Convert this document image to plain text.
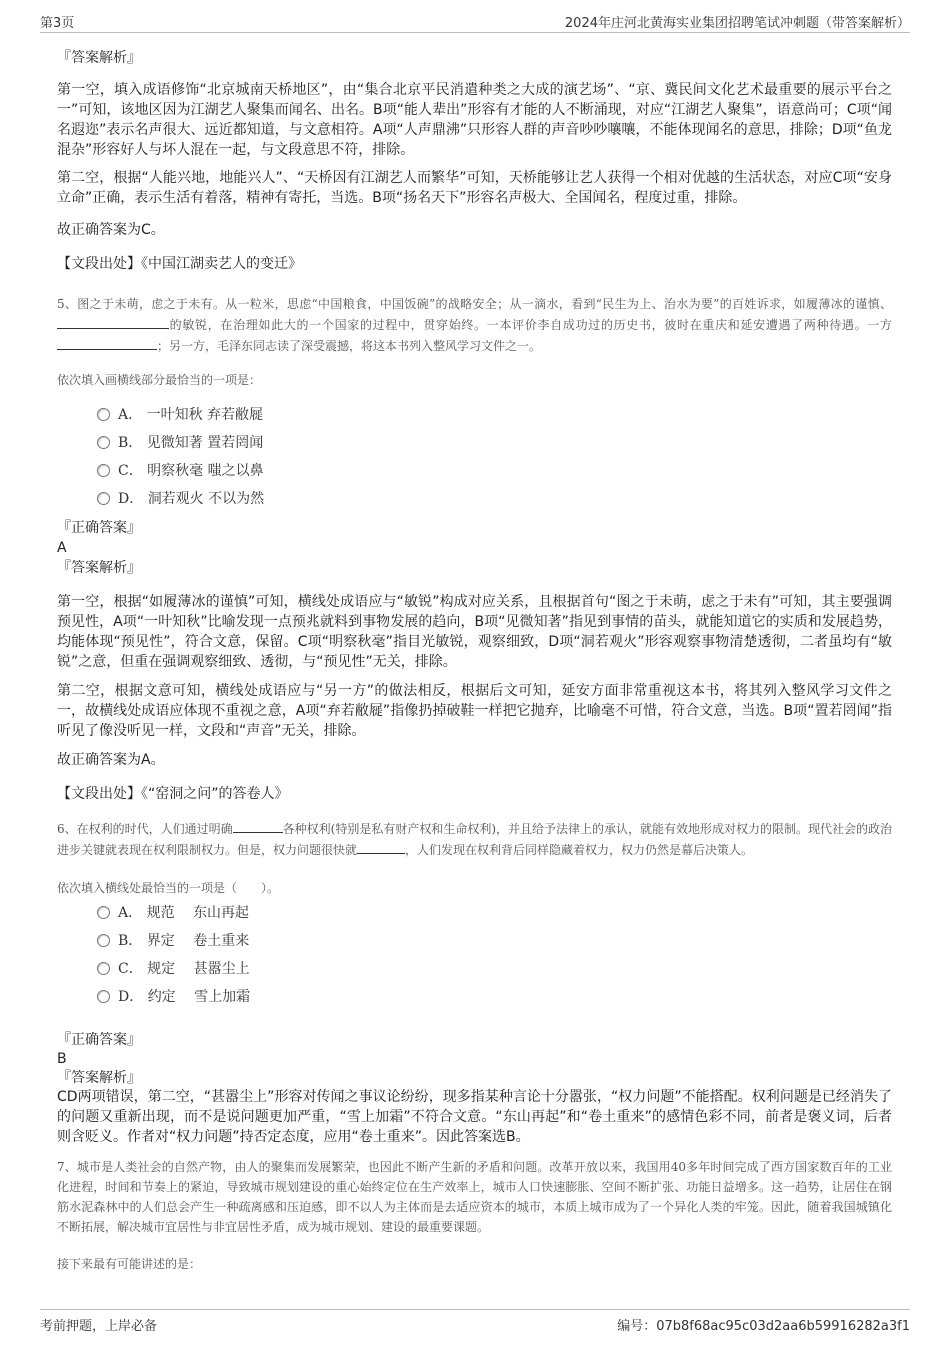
第3页	2024年庄河北黄海实业集团招聘笔试冲刺题（带答案解析）

『答案解析』

第一空，填入成语修饰“北京城南天桥地区”，由“集合北京平民消遣种类之大成的演艺场”、“京、冀民间文化艺术最重要的展示平台之一”可知，该地区因为江湖艺人聚集而闻名、出名。B项“能人辈出”形容有才能的人不断涌现，对应“江湖艺人聚集”，语意尚可；C项“闻名遐迩”表示名声很大、远近都知道，与文意相符。A项“人声鼎沸”只形容人群的声音吵吵嚷嚷，不能体现闻名的意思，排除；D项“鱼龙混杂”形容好人与坏人混在一起，与文段意思不符，排除。

第二空，根据“人能兴地，地能兴人”、“天桥因有江湖艺人而繁华”可知，天桥能够让艺人获得一个相对优越的生活状态，对应C项“安身立命”正确，表示生活有着落，精神有寄托，当选。B项“扬名天下”形容名声极大、全国闻名，程度过重，排除。

故正确答案为C。

【文段出处】《中国江湖卖艺人的变迁》

5、图之于未萌，虑之于未有。从一粒米，思虑“中国粮食，中国饭碗”的战略安全；从一滴水，看到“民生为上、治水为要”的百姓诉求，如履薄冰的谨慎、的敏锐，在治理如此大的一个国家的过程中，贯穿始终。一本评价李自成功过的历史书，彼时在重庆和延安遭遇了两种待遇。一方；另一方，毛泽东同志读了深受震撼，将这本书列入整风学习文件之一。

依次填入画横线部分最恰当的一项是：

A． 一叶知秋 弃若敝屣
B． 见微知著 置若罔闻
C． 明察秋毫 嗤之以鼻
D． 洞若观火 不以为然

『正确答案』

A

『答案解析』

第一空，根据“如履薄冰的谨慎”可知，横线处成语应与“敏锐”构成对应关系，且根据首句“图之于未萌，虑之于未有”可知，其主要强调预见性，A项“一叶知秋”比喻发现一点预兆就料到事物发展的趋向，B项“见微知著”指见到事情的苗头，就能知道它的实质和发展趋势，均能体现“预见性”，符合文意，保留。C项“明察秋毫”指目光敏锐，观察细致，D项“洞若观火”形容观察事物清楚透彻，二者虽均有“敏锐”之意，但重在强调观察细致、透彻，与“预见性”无关，排除。

第二空，根据文意可知，横线处成语应与“另一方”的做法相反，根据后文可知，延安方面非常重视这本书，将其列入整风学习文件之一，故横线处成语应体现不重视之意，A项“弃若敝屣”指像扔掉破鞋一样把它抛弃，比喻毫不可惜，符合文意，当选。B项“置若罔闻”指听见了像没听见一样，文段和“声音”无关，排除。

故正确答案为A。

【文段出处】《“窑洞之问”的答卷人》

6、在权利的时代，人们通过明确	各种权利(特别是私有财产权和生命权利)，并且给予法律上的承认，就能有效地形成对权力的限制。现代社会的政治进步关键就表现在权利限制权力。但是，权力问题很快就	，人们发现在权利背后同样隐藏着权力，权力仍然是幕后决策人。

依次填入横线处最恰当的一项是（　　）。

A． 规范　 东山再起
B． 界定　 卷土重来
C． 规定　 甚嚣尘上
D． 约定　 雪上加霜

『正确答案』

B

『答案解析』

CD两项错误，第二空，“甚嚣尘上”形容对传闻之事议论纷纷，现多指某种言论十分嚣张，“权力问题”不能搭配。权利问题是已经消失了的问题又重新出现，而不是说问题更加严重，“雪上加霜”不符合文意。“东山再起”和“卷土重来”的感情色彩不同，前者是褒义词，后者则含贬义。作者对“权力问题”持否定态度，应用“卷土重来”。因此答案选B。

7、城市是人类社会的自然产物，由人的聚集而发展繁荣，也因此不断产生新的矛盾和问题。改革开放以来，我国用40多年时间完成了西方国家数百年的工业化进程，时间和节奏上的紧迫，导致城市规划建设的重心始终定位在生产效率上，城市人口快速膨胀、空间不断扩张、功能日益增多。这一趋势，让居住在钢筋水泥森林中的人们总会产生一种疏离感和压迫感，即不以人为主体而是去适应资本的城市，本质上城市成为了一个异化人类的牢笼。因此，随着我国城镇化不断拓展，解决城市宜居性与非宜居性矛盾，成为城市规划、建设的最重要课题。

接下来最有可能讲述的是：

考前押题，上岸必备	编号：07b8f68ac95c03d2aa6b59916282a3f1
